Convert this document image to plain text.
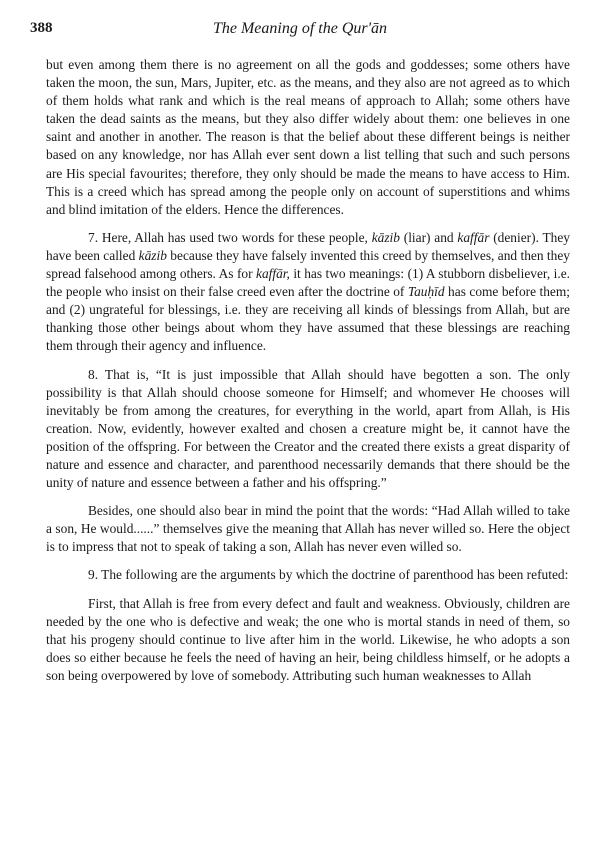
388	The Meaning of the Qur'ān

but even among them there is no agreement on all the gods and goddesses; some others have taken the moon, the sun, Mars, Jupiter, etc. as the means, and they also are not agreed as to which of them holds what rank and which is the real means of approach to Allah; some others have taken the dead saints as the means, but they also differ widely about them: one believes in one saint and another in another. The reason is that the belief about these different beings is neither based on any knowledge, nor has Allah ever sent down a list telling that such and such persons are His special favourites; therefore, they only should be made the means to have access to Him. This is a creed which has spread among the people only on account of superstitions and whims and blind imitation of the elders. Hence the differences.

7. Here, Allah has used two words for these people, kāzib (liar) and kaffār (denier). They have been called kāzib because they have falsely invented this creed by themselves, and then they spread falsehood among others. As for kaffār, it has two meanings: (1) A stubborn disbeliever, i.e. the people who insist on their false creed even after the doctrine of Tauḥīd has come before them; and (2) ungrateful for blessings, i.e. they are receiving all kinds of blessings from Allah, but are thanking those other beings about whom they have assumed that these blessings are reaching them through their agency and influence.

8. That is, “It is just impossible that Allah should have begotten a son. The only possibility is that Allah should choose someone for Himself; and whomever He chooses will inevitably be from among the creatures, for everything in the world, apart from Allah, is His creation. Now, evidently, however exalted and chosen a creature might be, it cannot have the position of the offspring. For between the Creator and the created there exists a great disparity of nature and essence and character, and parenthood necessarily demands that there should be the unity of nature and essence between a father and his offspring.”

Besides, one should also bear in mind the point that the words: “Had Allah willed to take a son, He would......” themselves give the meaning that Allah has never willed so. Here the object is to impress that not to speak of taking a son, Allah has never even willed so.

9. The following are the arguments by which the doctrine of parenthood has been refuted:

First, that Allah is free from every defect and fault and weakness. Obviously, children are needed by the one who is defective and weak; the one who is mortal stands in need of them, so that his progeny should continue to live after him in the world. Likewise, he who adopts a son does so either because he feels the need of having an heir, being childless himself, or he adopts a son being overpowered by love of somebody. Attributing such human weaknesses to Allah
